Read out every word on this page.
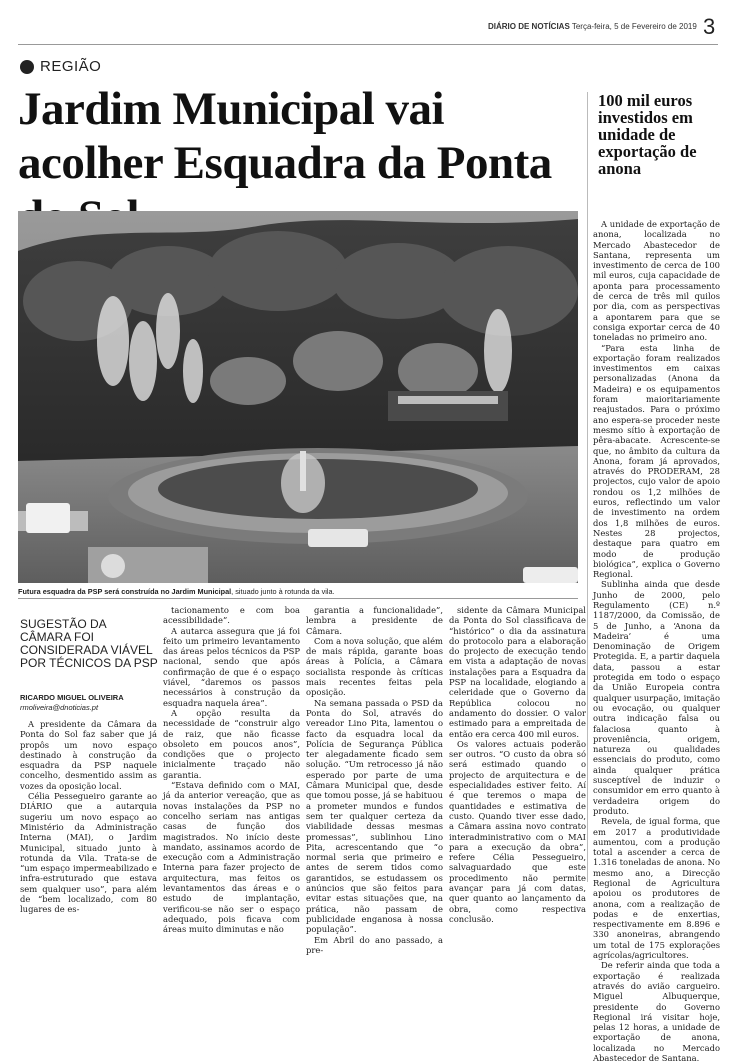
DIÁRIO DE NOTÍCIAS Terça-feira, 5 de Fevereiro de 2019 3
REGIÃO
Jardim Municipal vai acolher Esquadra da Ponta
Futura esquadra da PSP será construída no Jardim Municipal, situado junto à rotunda da vila.
SUGESTÃO DA CÂMARA FOI CONSIDERADA VIÁVEL POR TÉCNICOS DA PSP
RICARDO MIGUEL OLIVEIRA
rmoliveira@dnoticias.pt

A presidente da Câmara da Ponta do Sol faz saber que já propôs um novo espaço destinado à construção da esquadra da PSP naquele concelho, desmentido assim as vozes da oposição local.

Célia Pessegueiro garante ao DIÁRIO que a autarquia sugeriu um novo espaço ao Ministério da Administração Interna (MAI), o Jardim Municipal, situado junto à rotunda da Vila. Trata-se de “um espaço impermeabilizado e infra-estruturado que estava sem qualquer uso”, para além de “bem localizado, com 80 lugares de es-

tacionamento e com boa acessibilidade”.

A autarca assegura que já foi feito um primeiro levantamento das áreas pelos técnicos da PSP nacional, sendo que após confirmação de que é o espaço viável, “daremos os passos necessários à construção da esquadra naquela área”.

A opção resulta da necessidade de “construir algo de raiz, que não ficasse obsoleto em poucos anos”, condições que o projecto inicialmente traçado não garantia.

“Estava definido com o MAI, já da anterior vereação, que as novas instalações da PSP no concelho seriam nas antigas casas de função dos magistrados. No início deste mandato, assinamos acordo de execução com a Administração Interna para fazer projecto de arquitectura, mas feitos os levantamentos das áreas e o estudo de implantação, verificou-se não ser o espaço adequado, pois ficava com áreas muito diminutas e não

garantia a funcionalidade”, lembra a presidente de Câmara.

Com a nova solução, que além de mais rápida, garante boas áreas à Polícia, a Câmara socialista responde às críticas mais recentes feitas pela oposição.

Na semana passada o PSD da Ponta do Sol, através do vereador Lino Pita, lamentou o facto da esquadra local da Polícia de Segurança Pública ter alegadamente ficado sem solução. “Um retrocesso já não esperado por parte de uma Câmara Municipal que, desde que tomou posse, já se habituou a prometer mundos e fundos sem ter qualquer certeza da viabilidade dessas mesmas promessas”, sublinhou Lino Pita, acrescentando que “o normal seria que primeiro e antes de serem tidos como garantidos, se estudassem os anúncios que são feitos para evitar estas situações que, na prática, não passam de publicidade enganosa à nossa população”.

Em Abril do ano passado, a pre-

sidente da Câmara Municipal da Ponta do Sol classificava de “histórico” o dia da assinatura do protocolo para a elaboração do projecto de execução tendo em vista a adaptação de novas instalações para a Esquadra da PSP na localidade, elogiando a celeridade que o Governo da República colocou no andamento do dossier. O valor estimado para a empreitada de então era cerca 400 mil euros.

Os valores actuais poderão ser outros. “O custo da obra só será estimado quando o projecto de arquitectura e de especialidades estiver feito. Aí é que teremos o mapa de quantidades e estimativa de custo. Quando tiver esse dado, a Câmara assina novo contrato interadministrativo com o MAI para a execução da obra”, refere Célia Pessegueiro, salvaguardado que este procedimento não permite avançar para já com datas, quer quanto ao lançamento da obra, como respectiva conclusão.

100 mil euros investidos em unidade de exportação de anona

A unidade de exportação de anona, localizada no Mercado Abastecedor de Santana, representa um investimento de cerca de 100 mil euros, cuja capacidade de aponta para processamento de cerca de três mil quilos por dia, com as perspectivas a apontarem para que se consiga exportar cerca de 40 toneladas no primeiro ano.

“Para esta linha de exportação foram realizados investimentos em caixas personalizadas (Anona da Madeira) e os equipamentos foram maioritariamente reajustados. Para o próximo ano espera-se proceder neste mesmo sítio à exportação de pêra-abacate. Acrescente-se que, no âmbito da cultura da Anona, foram já aprovados, através do PRODERAM, 28 projectos, cujo valor de apoio rondou os 1,2 milhões de euros, reflectindo um valor de investimento na ordem dos 1,8 milhões de euros. Nestes 28 projectos, destaque para quatro em modo de produção biológica”, explica o Governo Regional.

Sublinha ainda que desde Junho de 2000, pelo Regulamento (CE) n.º 1187/2000, da Comissão, de 5 de Junho, a ‘Anona da Madeira’ é uma Denominação de Origem Protegida. E, a partir daquela data, passou a estar protegida em todo o espaço da União Europeia contra qualquer usurpação, imitação ou evocação, ou qualquer outra indicação falsa ou falaciosa quanto à proveniência, origem, natureza ou qualidades essenciais do produto, como ainda qualquer prática susceptível de induzir o consumidor em erro quanto à verdadeira origem do produto.

Revela, de igual forma, que em 2017 a produtividade aumentou, com a produção total a ascender a cerca de 1.316 toneladas de anona. No mesmo ano, a Direcção Regional de Agricultura apoiou os produtores de anona, com a realização de podas e de enxertias, respectivamente em 8.896 e 330 anoneiras, abrangendo um total de 175 explorações agrícolas/agricultores.

De referir ainda que toda a exportação é realizada através do avião cargueiro. Miguel Albuquerque, presidente do Governo Regional irá visitar hoje, pelas 12 horas, a unidade de exportação de anona, localizada no Mercado Abastecedor de Santana.
